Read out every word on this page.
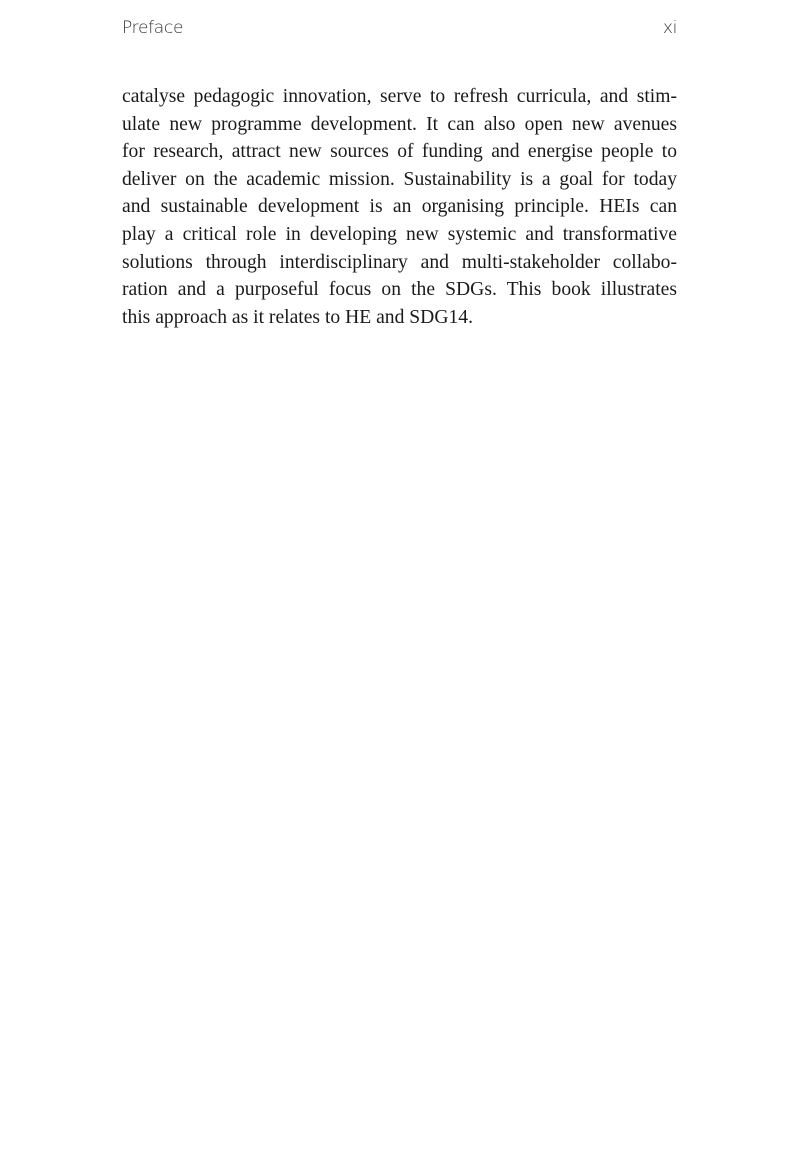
Preface	xi
catalyse pedagogic innovation, serve to refresh curricula, and stim-
ulate new programme development. It can also open new avenues
for research, attract new sources of funding and energise people to
deliver on the academic mission. Sustainability is a goal for today
and sustainable development is an organising principle. HEIs can
play a critical role in developing new systemic and transformative
solutions through interdisciplinary and multi-stakeholder collabo-
ration and a purposeful focus on the SDGs. This book illustrates
this approach as it relates to HE and SDG14.
